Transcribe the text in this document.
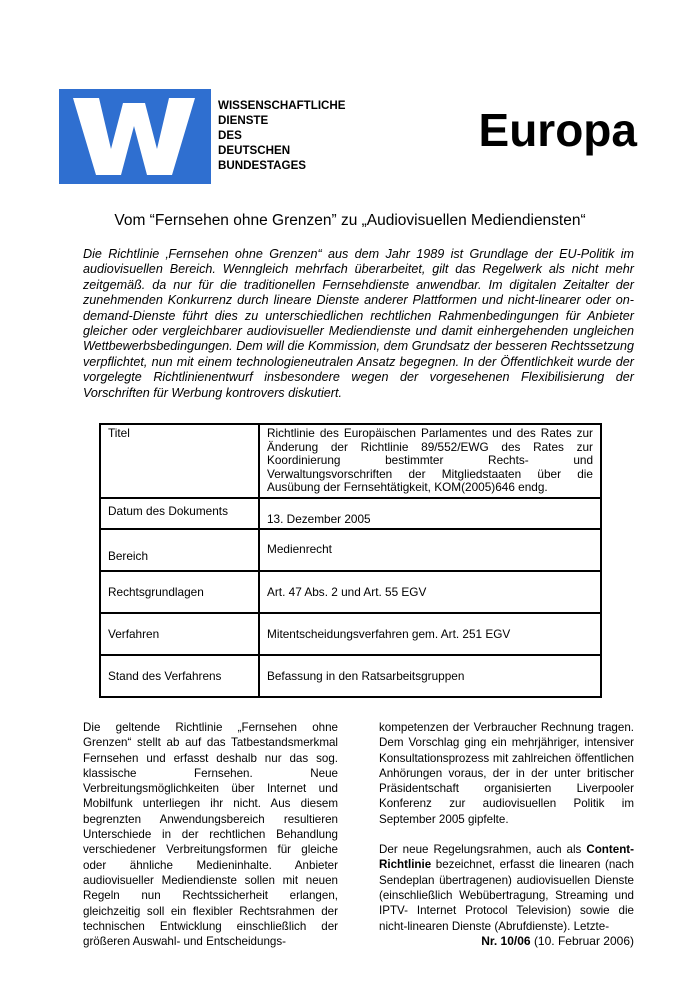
WISSENSCHAFTLICHE
DIENSTE
DES
DEUTSCHEN
BUNDESTAGES
Europa
Vom “Fernsehen ohne Grenzen” zu „Audiovisuellen Mediendiensten“
Die Richtlinie ‚Fernsehen ohne Grenzen“ aus dem Jahr 1989 ist Grundlage der EU-Politik im audiovisuellen Bereich. Wenngleich mehrfach überarbeitet, gilt das Regelwerk als nicht mehr zeitgemäß. da nur für die traditionellen Fernsehdienste anwendbar. Im digitalen Zeitalter der zunehmenden Konkurrenz durch lineare Dienste anderer Plattformen und nicht-linearer oder on-demand-Dienste führt dies zu unterschiedlichen rechtlichen Rahmenbedingungen für Anbieter gleicher oder vergleichbarer audiovisueller Mediendienste und damit einhergehenden ungleichen Wettbewerbsbedingungen. Dem will die Kommission, dem Grundsatz der besseren Rechtssetzung verpflichtet, nun mit einem technologieneutralen Ansatz begegnen. In der Öffentlichkeit wurde der vorgelegte Richtlinienentwurf insbesondere wegen der vorgesehenen Flexibilisierung der Vorschriften für Werbung kontrovers diskutiert.
Titel	Richtlinie des Europäischen Parlamentes und des Rates zur Änderung der Richtlinie 89/552/EWG des Rates zur Koordinierung bestimmter Rechts- und Verwaltungsvorschriften der Mitgliedstaaten über die Ausübung der Fernsehtätigkeit, KOM(2005)646 endg.
Datum des Dokuments	13. Dezember 2005
Bereich	Medienrecht
Rechtsgrundlagen	Art. 47 Abs. 2 und Art. 55 EGV
Verfahren	Mitentscheidungsverfahren gem. Art. 251 EGV
Stand des Verfahrens	Befassung in den Ratsarbeitsgruppen

Die geltende Richtlinie „Fernsehen ohne Grenzen“ stellt ab auf das Tatbestandsmerkmal Fernsehen und erfasst deshalb nur das sog. klassische Fernsehen. Neue Verbreitungsmöglichkeiten über Internet und Mobilfunk unterliegen ihr nicht. Aus diesem begrenzten Anwendungsbereich resultieren Unterschiede in der rechtlichen Behandlung verschiedener Verbreitungsformen für gleiche oder ähnliche Medieninhalte. Anbieter audiovisueller Mediendienste sollen mit neuen Regeln nun Rechtssicherheit erlangen, gleichzeitig soll ein flexibler Rechtsrahmen der technischen Entwicklung einschließlich der größeren Auswahl- und Entscheidungs-

kompetenzen der Verbraucher Rechnung tragen. Dem Vorschlag ging ein mehrjähriger, intensiver Konsultationsprozess mit zahlreichen öffentlichen Anhörungen voraus, der in der unter britischer Präsidentschaft organisierten Liverpooler Konferenz zur audiovisuellen Politik im September 2005 gipfelte.

Der neue Regelungsrahmen, auch als Content-Richtlinie bezeichnet, erfasst die linearen (nach Sendeplan übertragenen) audiovisuellen Dienste (einschließlich Webübertragung, Streaming und IPTV- Internet Protocol Television) sowie die nicht-linearen Dienste (Abrufdienste). Letzte-

Nr. 10/06 (10. Februar 2006)
